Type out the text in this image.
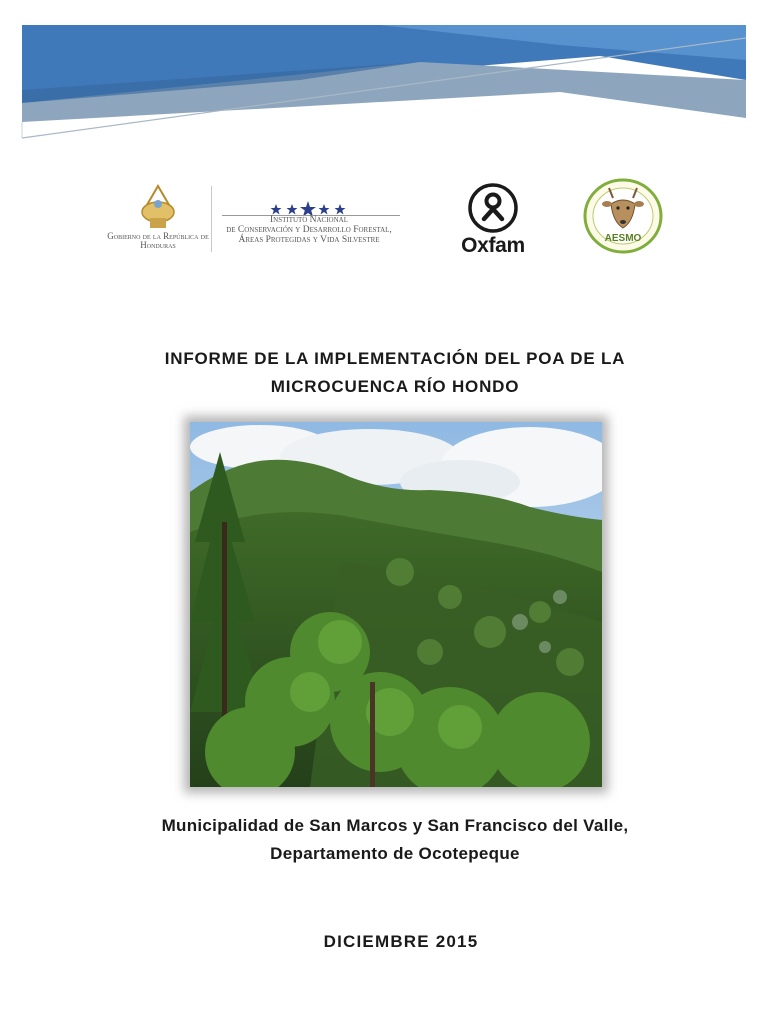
Gobierno de la República de Honduras
Instituto Nacional
de Conservación y Desarrollo Forestal,
Áreas Protegidas y Vida Silvestre	Oxfam	AESMO
INFORME DE LA IMPLEMENTACIÓN DEL POA DE LA MICROCUENCA RÍO HONDO
Municipalidad de San Marcos y San Francisco del Valle, Departamento de Ocotepeque
DICIEMBRE 2015
